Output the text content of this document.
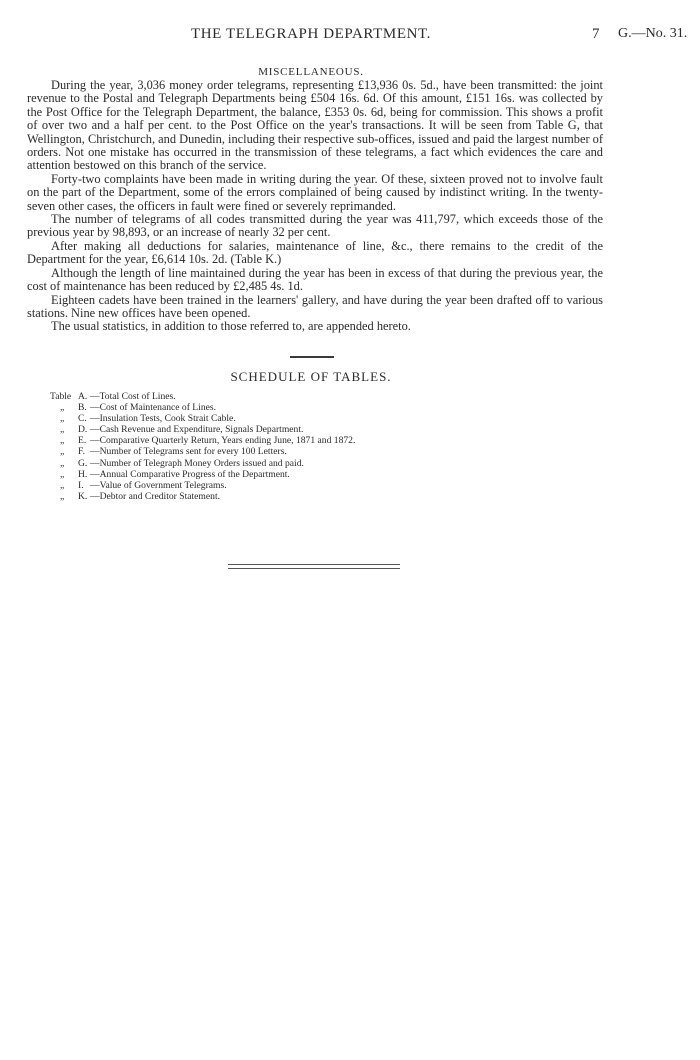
THE TELEGRAPH DEPARTMENT.	7 G.—No. 31.
MISCELLANEOUS.

During the year, 3,036 money order telegrams, representing £13,936 0s. 5d., have been transmitted: the joint revenue to the Postal and Telegraph Departments being £504 16s. 6d. Of this amount, £151 16s. was collected by the Post Office for the Telegraph Department, the balance, £353 0s. 6d, being for commission. This shows a profit of over two and a half per cent. to the Post Office on the year's transactions. It will be seen from Table G, that Wellington, Christchurch, and Dunedin, including their respective sub-offices, issued and paid the largest number of orders. Not one mistake has occurred in the transmission of these telegrams, a fact which evidences the care and attention bestowed on this branch of the service.

Forty-two complaints have been made in writing during the year. Of these, sixteen proved not to involve fault on the part of the Department, some of the errors complained of being caused by indistinct writing. In the twenty-seven other cases, the officers in fault were fined or severely reprimanded.

The number of telegrams of all codes transmitted during the year was 411,797, which exceeds those of the previous year by 98,893, or an increase of nearly 32 per cent.

After making all deductions for salaries, maintenance of line, &c., there remains to the credit of the Department for the year, £6,614 10s. 2d. (Table K.)

Although the length of line maintained during the year has been in excess of that during the previous year, the cost of maintenance has been reduced by £2,485 4s. 1d.

Eighteen cadets have been trained in the learners' gallery, and have during the year been drafted off to various stations. Nine new offices have been opened.

The usual statistics, in addition to those referred to, are appended hereto.

SCHEDULE OF TABLES.
Table A. —Total Cost of Lines.
„ B. —Cost of Maintenance of Lines.
„ C. —Insulation Tests, Cook Strait Cable.
„ D. —Cash Revenue and Expenditure, Signals Department.
„ E. —Comparative Quarterly Return, Years ending June, 1871 and 1872.
„ F. —Number of Telegrams sent for every 100 Letters.
„ G. —Number of Telegraph Money Orders issued and paid.
„ H. —Annual Comparative Progress of the Department.
„ I. —Value of Government Telegrams.
„ K. —Debtor and Creditor Statement.
